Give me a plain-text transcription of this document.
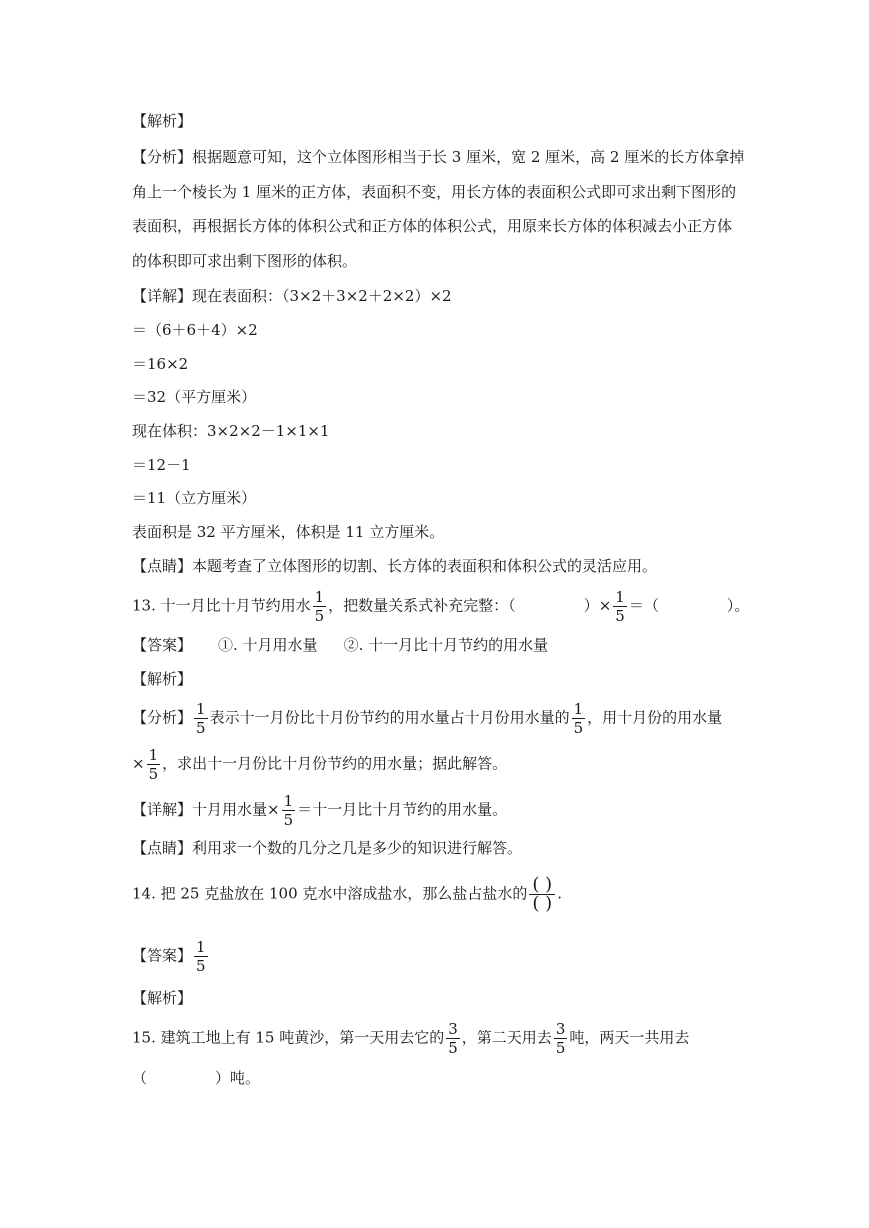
【解析】
【分析】根据题意可知，这个立体图形相当于长 3 厘米，宽 2 厘米，高 2 厘米的长方体拿掉
角上一个棱长为 1 厘米的正方体，表面积不变，用长方体的表面积公式即可求出剩下图形的
表面积，再根据长方体的体积公式和正方体的体积公式，用原来长方体的体积减去小正方体
的体积即可求出剩下图形的体积。
【详解】现在表面积：（3×2＋3×2＋2×2）×2
＝（6＋6＋4）×2
＝16×2
＝32（平方厘米）
现在体积：3×2×2－1×1×1
＝12－1
＝11（立方厘米）
表面积是 32 平方厘米，体积是 11 立方厘米。
【点睛】本题考查了立体图形的切割、长方体的表面积和体积公式的灵活应用。
13. 十一月比十月节约用水 $\frac{1}{5}$ ，把数量关系式补充完整：（	）× $\frac{1}{5}$ ＝（	）。
【答案】 ①. 十月用水量 ②. 十一月比十月节约的用水量
【解析】
【分析】 $\frac{1}{5}$ 表示十一月份比十月份节约的用水量占十月份用水量的 $\frac{1}{5}$ ，用十月份的用水量
× $\frac{1}{5}$ ，求出十一月份比十月份节约的用水量；据此解答。
【详解】十月用水量× $\frac{1}{5}$ ＝十一月比十月节约的用水量。
【点睛】利用求一个数的几分之几是多少的知识进行解答。
14. 把 25 克盐放在 100 克水中溶成盐水，那么盐占盐水的 $\frac{( )}{( )}$ .
【答案】 $\frac{1}{5}$
【解析】
15. 建筑工地上有 15 吨黄沙，第一天用去它的 $\frac{3}{5}$ ，第二天用去 $\frac{3}{5}$ 吨，两天一共用去
（	）吨。
